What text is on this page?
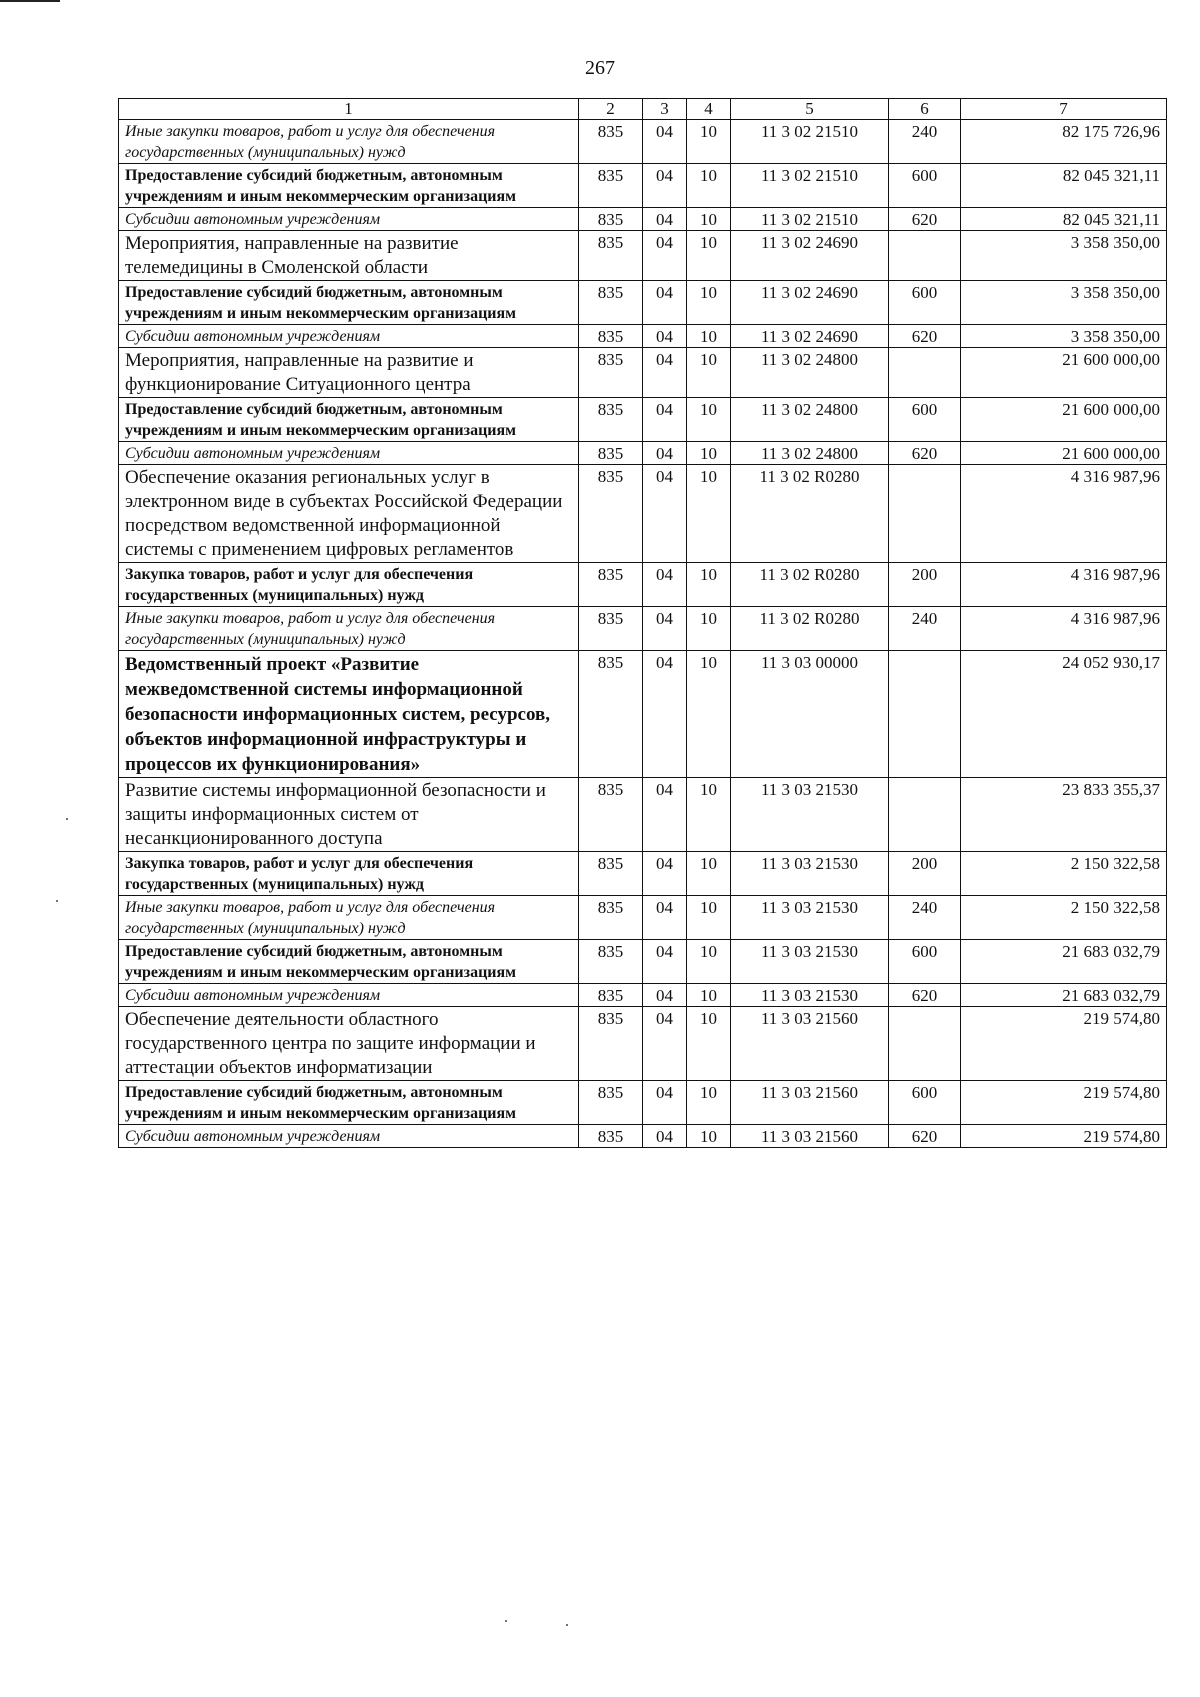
267
1	2	3	4	5	6	7
Иные закупки товаров, работ и услуг для обеспечения государственных (муниципальных) нужд	835	04	10	11 3 02 21510	240	82 175 726,96
Предоставление субсидий бюджетным, автономным учреждениям и иным некоммерческим организациям	835	04	10	11 3 02 21510	600	82 045 321,11
Субсидии автономным учреждениям	835	04	10	11 3 02 21510	620	82 045 321,11
Мероприятия, направленные на развитие телемедицины в Смоленской области	835	04	10	11 3 02 24690		3 358 350,00
Предоставление субсидий бюджетным, автономным учреждениям и иным некоммерческим организациям	835	04	10	11 3 02 24690	600	3 358 350,00
Субсидии автономным учреждениям	835	04	10	11 3 02 24690	620	3 358 350,00
Мероприятия, направленные на развитие и функционирование Ситуационного центра	835	04	10	11 3 02 24800		21 600 000,00
Предоставление субсидий бюджетным, автономным учреждениям и иным некоммерческим организациям	835	04	10	11 3 02 24800	600	21 600 000,00
Субсидии автономным учреждениям	835	04	10	11 3 02 24800	620	21 600 000,00
Обеспечение оказания региональных услуг в электронном виде в субъектах Российской Федерации посредством ведомственной информационной системы с применением цифровых регламентов	835	04	10	11 3 02 R0280		4 316 987,96
Закупка товаров, работ и услуг для обеспечения государственных (муниципальных) нужд	835	04	10	11 3 02 R0280	200	4 316 987,96
Иные закупки товаров, работ и услуг для обеспечения государственных (муниципальных) нужд	835	04	10	11 3 02 R0280	240	4 316 987,96
Ведомственный проект «Развитие межведомственной системы информационной безопасности информационных систем, ресурсов, объектов информационной инфраструктуры и процессов их функционирования»	835	04	10	11 3 03 00000		24 052 930,17
Развитие системы информационной безопасности и защиты информационных систем от несанкционированного доступа	835	04	10	11 3 03 21530		23 833 355,37
Закупка товаров, работ и услуг для обеспечения государственных (муниципальных) нужд	835	04	10	11 3 03 21530	200	2 150 322,58
Иные закупки товаров, работ и услуг для обеспечения государственных (муниципальных) нужд	835	04	10	11 3 03 21530	240	2 150 322,58
Предоставление субсидий бюджетным, автономным учреждениям и иным некоммерческим организациям	835	04	10	11 3 03 21530	600	21 683 032,79
Субсидии автономным учреждениям	835	04	10	11 3 03 21530	620	21 683 032,79
Обеспечение деятельности областного государственного центра по защите информации и аттестации объектов информатизации	835	04	10	11 3 03 21560		219 574,80
Предоставление субсидий бюджетным, автономным учреждениям и иным некоммерческим организациям	835	04	10	11 3 03 21560	600	219 574,80
Субсидии автономным учреждениям	835	04	10	11 3 03 21560	620	219 574,80
